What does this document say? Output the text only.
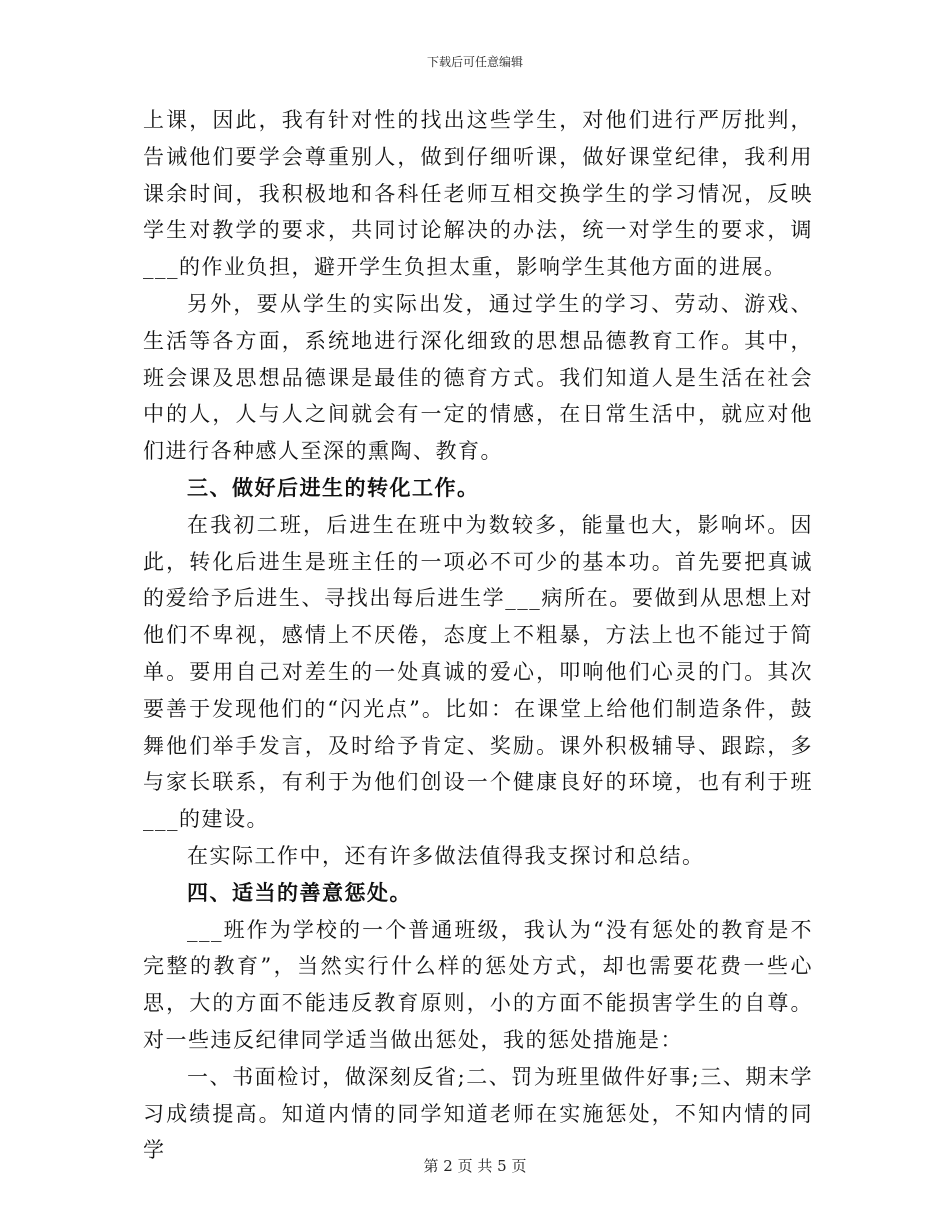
下载后可任意编辑

上课，因此，我有针对性的找出这些学生，对他们进行严厉批判，告诫他们要学会尊重别人，做到仔细听课，做好课堂纪律，我利用课余时间，我积极地和各科任老师互相交换学生的学习情况，反映学生对教学的要求，共同讨论解决的办法，统一对学生的要求，调___的作业负担，避开学生负担太重，影响学生其他方面的进展。

另外，要从学生的实际出发，通过学生的学习、劳动、游戏、生活等各方面，系统地进行深化细致的思想品德教育工作。其中，班会课及思想品德课是最佳的德育方式。我们知道人是生活在社会中的人，人与人之间就会有一定的情感，在日常生活中，就应对他们进行各种感人至深的熏陶、教育。

三、做好后进生的转化工作。

在我初二班，后进生在班中为数较多，能量也大，影响坏。因此，转化后进生是班主任的一项必不可少的基本功。首先要把真诚的爱给予后进生、寻找出每后进生学___病所在。要做到从思想上对他们不卑视，感情上不厌倦，态度上不粗暴，方法上也不能过于简单。要用自己对差生的一处真诚的爱心，叩响他们心灵的门。其次要善于发现他们的“闪光点”。比如：在课堂上给他们制造条件，鼓舞他们举手发言，及时给予肯定、奖励。课外积极辅导、跟踪，多与家长联系，有利于为他们创设一个健康良好的环境，也有利于班___的建设。

在实际工作中，还有许多做法值得我支探讨和总结。

四、适当的善意惩处。

___班作为学校的一个普通班级，我认为“没有惩处的教育是不完整的教育”，当然实行什么样的惩处方式，却也需要花费一些心思，大的方面不能违反教育原则，小的方面不能损害学生的自尊。对一些违反纪律同学适当做出惩处，我的惩处措施是：

一、书面检讨，做深刻反省;二、罚为班里做件好事;三、期末学习成绩提高。知道内情的同学知道老师在实施惩处，不知内情的同学

第 2 页 共 5 页
